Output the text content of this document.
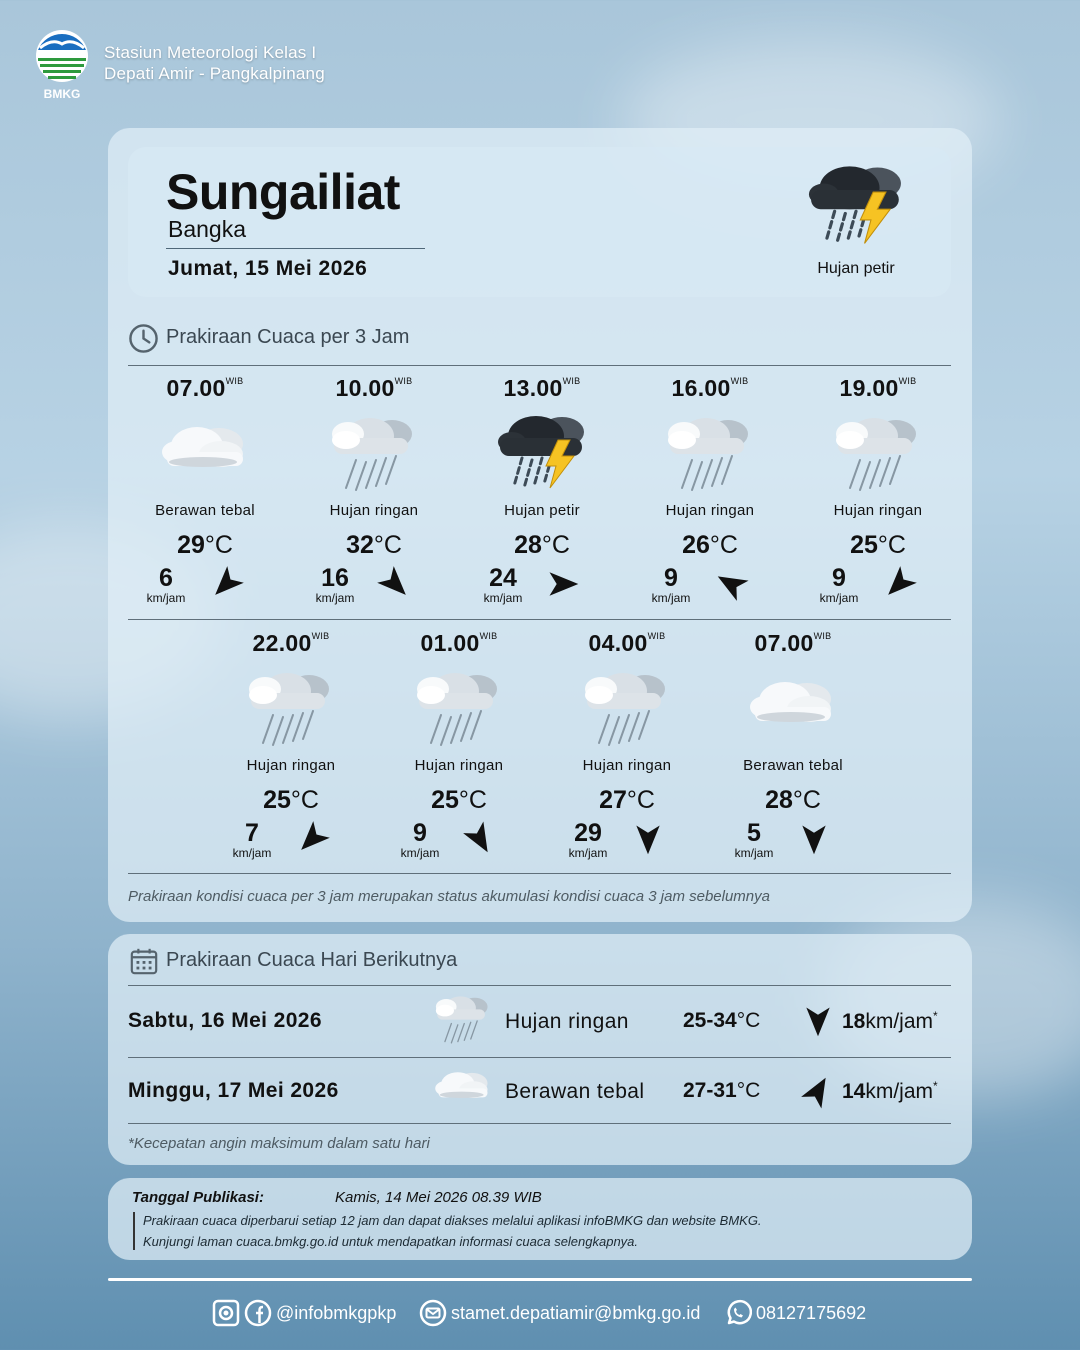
BMKG
Stasiun Meteorologi Kelas I
Depati Amir - Pangkalpinang
Sungailiat
Bangka
Jumat, 15 Mei 2026	Hujan petir
Prakiraan Cuaca per 3 Jam
$07.00^{WIB}$
Berawan tebal
29°C
6
km/jam
$10.00^{WIB}$
Hujan ringan
32°C
16
km/jam
$13.00^{WIB}$
Hujan petir
28°C
24
km/jam
$16.00^{WIB}$
Hujan ringan
26°C
9
km/jam
$19.00^{WIB}$
Hujan ringan
25°C
9
km/jam
$22.00^{WIB}$
Hujan ringan
25°C
7
km/jam
$01.00^{WIB}$
Hujan ringan
25°C
9
km/jam
$04.00^{WIB}$
Hujan ringan
27°C
29
km/jam
$07.00^{WIB}$
Berawan tebal
28°C
5
km/jam
Prakiraan kondisi cuaca per 3 jam merupakan status akumulasi kondisi cuaca 3 jam sebelumnya
Prakiraan Cuaca Hari Berikutnya
Sabtu, 16 Mei 2026	Hujan ringan	25-34°C	18km/jam*
Minggu, 17 Mei 2026	Berawan tebal 27-31°C	14km/jam*
*Kecepatan angin maksimum dalam satu hari
Tanggal Publikasi:	Kamis, 14 Mei 2026 08.39 WIB
Prakiraan cuaca diperbarui setiap 12 jam dan dapat diakses melalui aplikasi infoBMKG dan website BMKG.
Kunjungi laman cuaca.bmkg.go.id untuk mendapatkan informasi cuaca selengkapnya.
@infobmkgpkp	stamet.depatiamir@bmkg.go.id	08127175692
